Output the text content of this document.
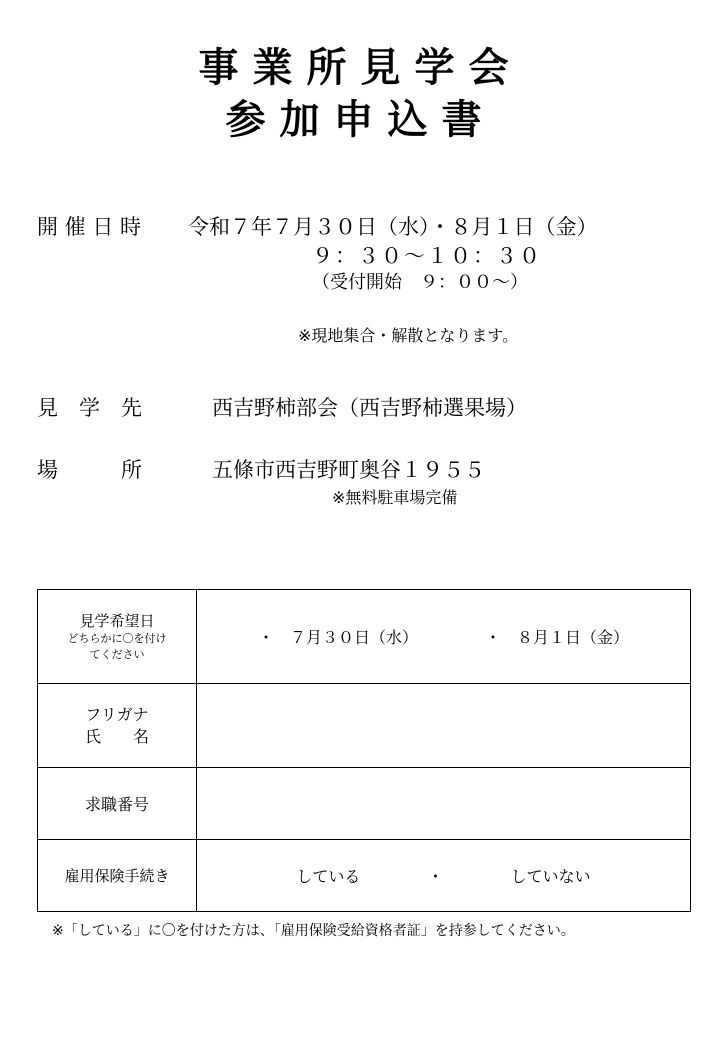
事業所見学会
参加申込書
開 催 日 時 令和７年７月３０日（水）・８月１日（金）
９：３０～１０：３０
（受付開始　９：００～）
※現地集合・解散となります。
見　学　先	西吉野柿部会（西吉野柿選果場）
場　　　所	五條市西吉野町奥谷１９５５
※無料駐車場完備
見学希望日
どちらかに〇を付け
てください	・　７月３０日（水） ・　８月１日（金）

フリガナ
氏　　名	

求職番号	
雇用保険手続き	している ・ していない
※「している」に〇を付けた方は、「雇用保険受給資格者証」を持参してください。
